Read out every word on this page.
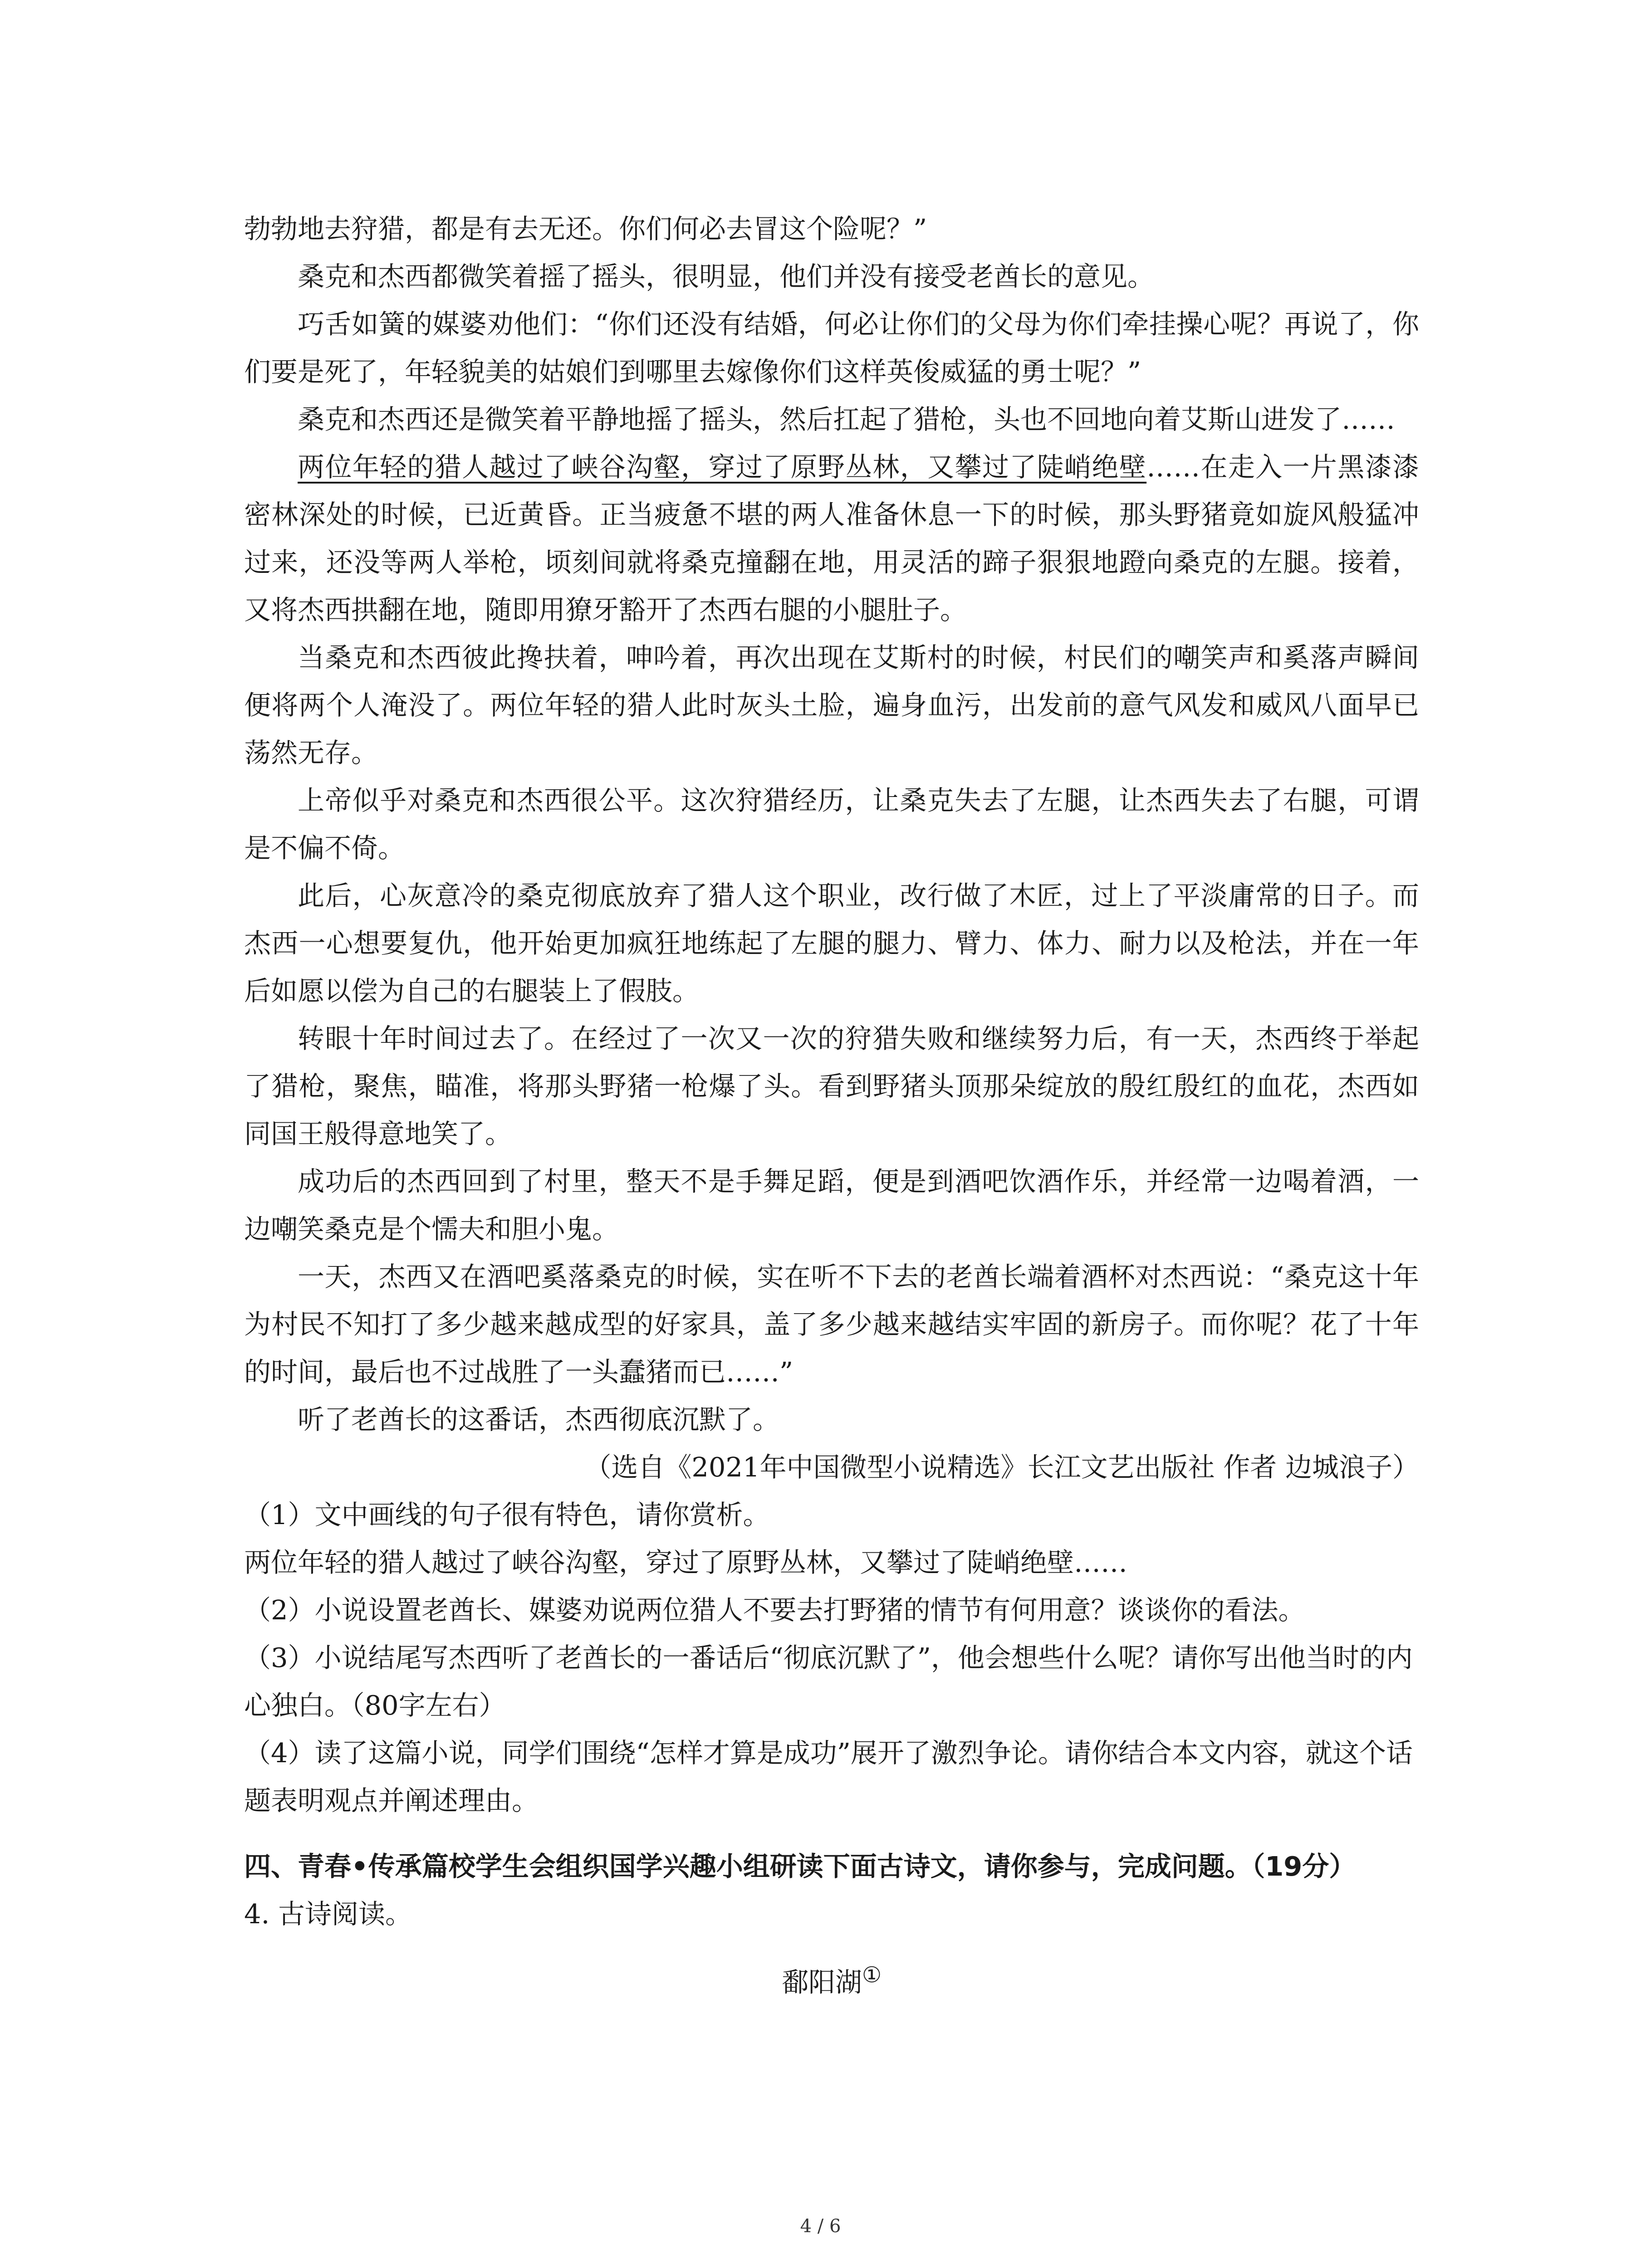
勃勃地去狩猎，都是有去无还。你们何必去冒这个险呢？”

桑克和杰西都微笑着摇了摇头，很明显，他们并没有接受老酋长的意见。

巧舌如簧的媒婆劝他们：“你们还没有结婚，何必让你们的父母为你们牵挂操心呢？再说了，你们要是死了，年轻貌美的姑娘们到哪里去嫁像你们这样英俊威猛的勇士呢？”

桑克和杰西还是微笑着平静地摇了摇头，然后扛起了猎枪，头也不回地向着艾斯山进发了……

两位年轻的猎人越过了峡谷沟壑，穿过了原野丛林，又攀过了陡峭绝壁……在走入一片黑漆漆密林深处的时候，已近黄昏。正当疲惫不堪的两人准备休息一下的时候，那头野猪竟如旋风般猛冲过来，还没等两人举枪，顷刻间就将桑克撞翻在地，用灵活的蹄子狠狠地蹬向桑克的左腿。接着，又将杰西拱翻在地，随即用獠牙豁开了杰西右腿的小腿肚子。

当桑克和杰西彼此搀扶着，呻吟着，再次出现在艾斯村的时候，村民们的嘲笑声和奚落声瞬间便将两个人淹没了。两位年轻的猎人此时灰头土脸，遍身血污，出发前的意气风发和威风八面早已荡然无存。

上帝似乎对桑克和杰西很公平。这次狩猎经历，让桑克失去了左腿，让杰西失去了右腿，可谓是不偏不倚。

此后，心灰意冷的桑克彻底放弃了猎人这个职业，改行做了木匠，过上了平淡庸常的日子。而杰西一心想要复仇，他开始更加疯狂地练起了左腿的腿力、臂力、体力、耐力以及枪法，并在一年后如愿以偿为自己的右腿装上了假肢。

转眼十年时间过去了。在经过了一次又一次的狩猎失败和继续努力后，有一天，杰西终于举起了猎枪，聚焦，瞄准，将那头野猪一枪爆了头。看到野猪头顶那朵绽放的殷红殷红的血花，杰西如同国王般得意地笑了。

成功后的杰西回到了村里，整天不是手舞足蹈，便是到酒吧饮酒作乐，并经常一边喝着酒，一边嘲笑桑克是个懦夫和胆小鬼。

一天，杰西又在酒吧奚落桑克的时候，实在听不下去的老酋长端着酒杯对杰西说：“桑克这十年为村民不知打了多少越来越成型的好家具，盖了多少越来越结实牢固的新房子。而你呢？花了十年的时间，最后也不过战胜了一头蠢猪而已……”

听了老酋长的这番话，杰西彻底沉默了。

（选自《2021年中国微型小说精选》长江文艺出版社 作者 边城浪子）

（1）文中画线的句子很有特色，请你赏析。

两位年轻的猎人越过了峡谷沟壑，穿过了原野丛林，又攀过了陡峭绝壁……

（2）小说设置老酋长、媒婆劝说两位猎人不要去打野猪的情节有何用意？谈谈你的看法。

（3）小说结尾写杰西听了老酋长的一番话后“彻底沉默了”，他会想些什么呢？请你写出他当时的内心独白。（80字左右）

（4）读了这篇小说，同学们围绕“怎样才算是成功”展开了激烈争论。请你结合本文内容，就这个话题表明观点并阐述理由。

四、青春•传承篇校学生会组织国学兴趣小组研读下面古诗文，请你参与，完成问题。（19分）

4. 古诗阅读。

鄱阳湖①

4 / 6
